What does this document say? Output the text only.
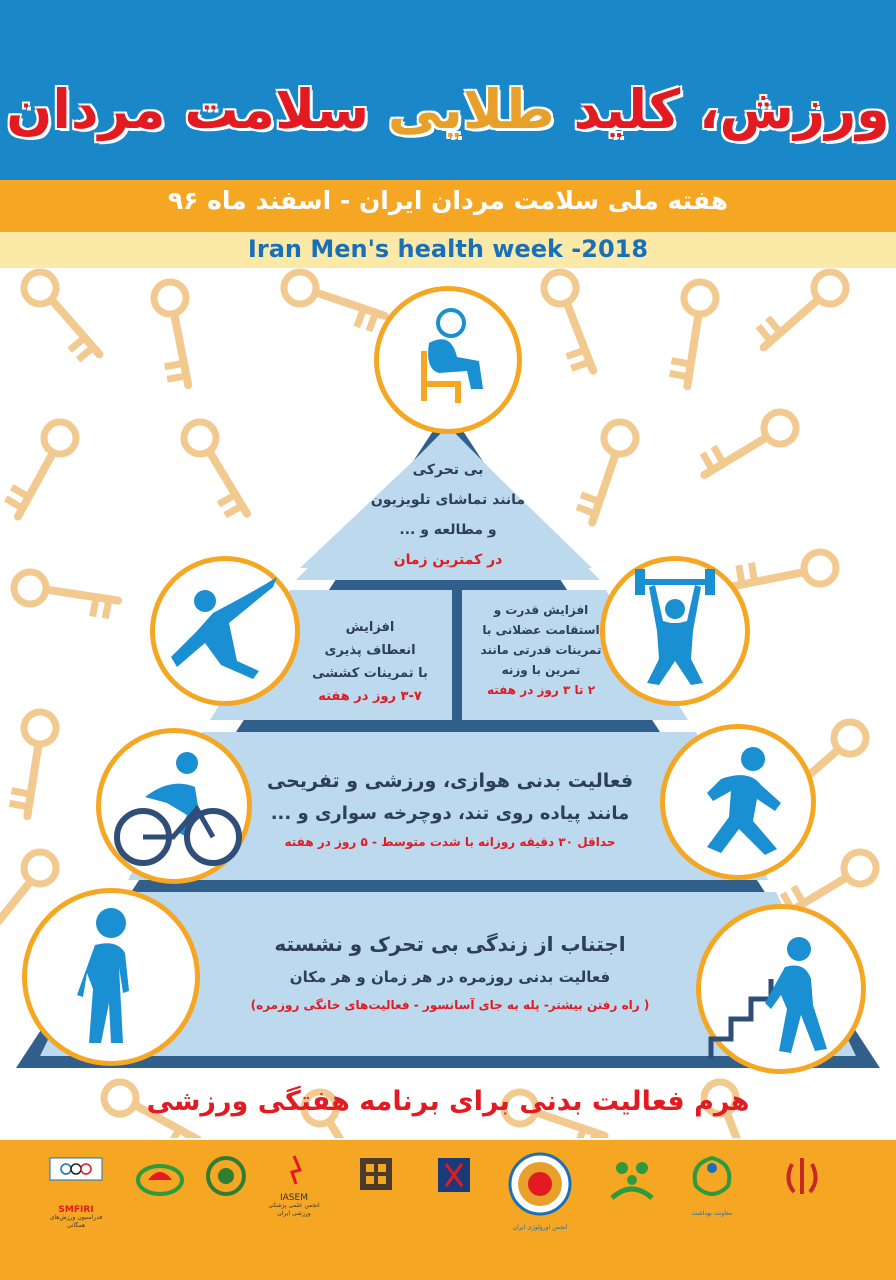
ورزش، کلید طلایی سلامت مردان
هفته ملی سلامت مردان ایران - اسفند ماه ۹۶
Iran Men's health week -2018
بی تحرکی
مانند تماشای تلویزیون
و مطالعه و ...
در کمترین زمان
افزایش
انعطاف پذیری
با تمرینات کششی
۳-۷ روز در هفته
افزایش قدرت و
استقامت عضلانی با
تمرینات قدرتی مانند
تمرین با وزنه
۲ تا ۳ روز در هفته
فعالیت بدنی هوازی، ورزشی و تفریحی
مانند پیاده روی تند، دوچرخه سواری و ...
حداقل ۳۰ دقیقه روزانه با شدت متوسط - ۵ روز در هفته
اجتناب از زندگی بی تحرک و نشسته
فعالیت بدنی روزمره در هر زمان و هر مکان
( راه رفتن بیشتر- پله به جای آسانسور - فعالیت‌های خانگی روزمره)
هرم فعالیت بدنی برای برنامه هفتگی ورزشی
SMFIRI
فدراسیون ورزش‌های همگانی
IASEM
انجمن علمی پزشکی ورزشی ایران
انجمن اورولوژی ایران
معاونت بهداشت
